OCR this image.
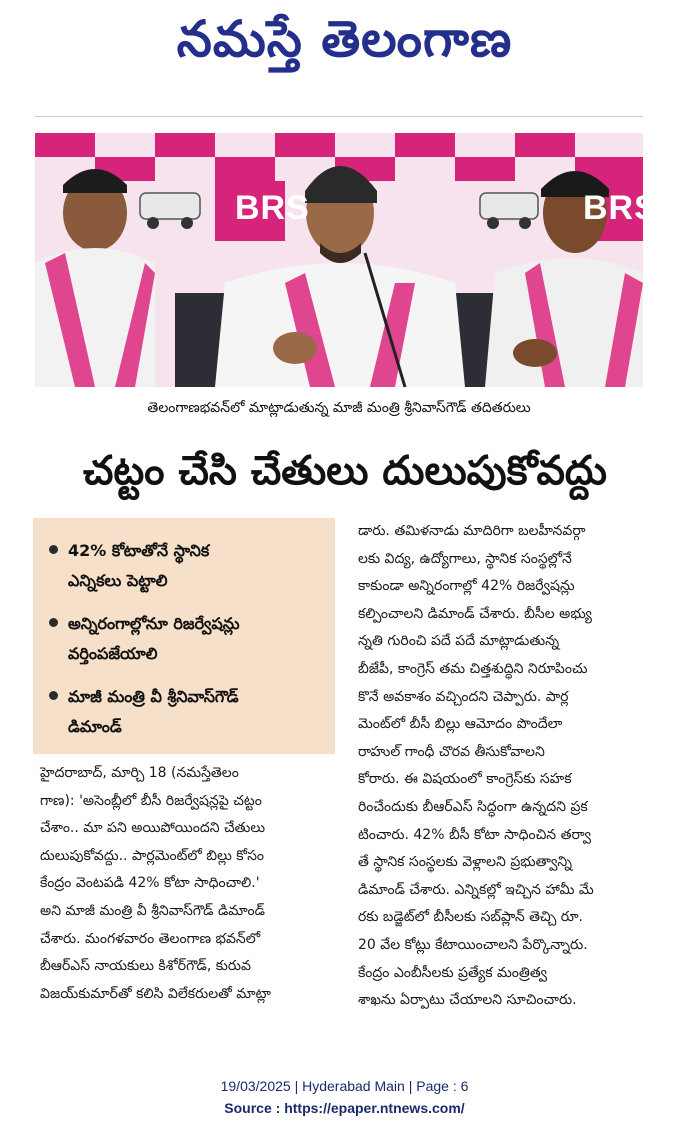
నమస్తే తెలంగాణ
BRS	BRS
తెలంగాణభవన్‌లో మాట్లాడుతున్న మాజీ మంత్రి శ్రీనివాస్‌గౌడ్ తదితరులు
చట్టం చేసి చేతులు దులుపుకోవద్దు
42% కోటాతోనే స్థానిక
ఎన్నికలు పెట్టాలి
అన్నిరంగాల్లోనూ రిజర్వేషన్లు
వర్తింపజేయాలి
మాజీ మంత్రి వీ శ్రీనివాస్‌గౌడ్
డిమాండ్
హైదరాబాద్, మార్చి 18 (నమస్తేతెలం
గాణ): 'అసెంబ్లీలో బీసీ రిజర్వేషన్లపై చట్టం
చేశాం.. మా పని అయిపోయిందని చేతులు
దులుపుకోవద్దు.. పార్లమెంట్‌లో బిల్లు కోసం
కేంద్రం వెంటపడి 42% కోటా సాధించాలి.'
అని మాజీ మంత్రి వీ శ్రీనివాస్‌గౌడ్ డిమాండ్
చేశారు. మంగళవారం తెలంగాణ భవన్‌లో
బీఆర్‌ఎస్ నాయకులు కిశోర్‌గౌడ్, కురువ
విజయ్‌కుమార్‌తో కలిసి విలేకరులతో మాట్లా
డారు. తమిళనాడు మాదిరిగా బలహీనవర్గా
లకు విద్య, ఉద్యోగాలు, స్థానిక సంస్థల్లోనే
కాకుండా అన్నిరంగాల్లో 42% రిజర్వేషన్లు
కల్పించాలని డిమాండ్ చేశారు. బీసీల అభ్యు
న్నతి గురించి పదే పదే మాట్లాడుతున్న
బీజేపీ, కాంగ్రెస్ తమ చిత్తశుద్ధిని నిరూపించు
కొనే అవకాశం వచ్చిందని చెప్పారు. పార్ల
మెంట్‌లో బీసీ బిల్లు ఆమోదం పొందేలా
రాహుల్ గాంధీ చొరవ తీసుకోవాలని
కోరారు. ఈ విషయంలో కాంగ్రెస్‌కు సహక
రించేందుకు బీఆర్‌ఎస్ సిద్ధంగా ఉన్నదని ప్రక
టించారు. 42% బీసీ కోటా సాధించిన తర్వా
తే స్థానిక సంస్థలకు వెళ్లాలని ప్రభుత్వాన్ని
డిమాండ్ చేశారు. ఎన్నికల్లో ఇచ్చిన హామీ మే
రకు బడ్జెట్‌లో బీసీలకు సబ్‌ప్లాన్ తెచ్చి రూ.
20 వేల కోట్లు కేటాయించాలని పేర్కొన్నారు.
కేంద్రం ఎంబీసీలకు ప్రత్యేక మంత్రిత్వ
శాఖను ఏర్పాటు చేయాలని సూచించారు.
19/03/2025 | Hyderabad Main | Page : 6
Source : https://epaper.ntnews.com/
